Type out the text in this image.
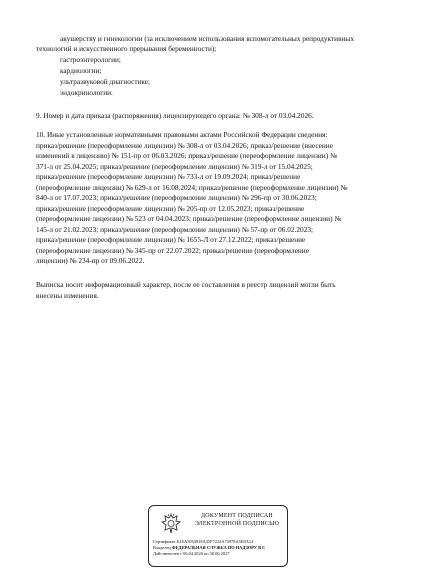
акушерству и гинекологии (за исключением использования вспомогательных репродуктивных
технологий и искусственного прерывания беременности);
гастроэнтерологии;
кардиологии;
ультразвуковой диагностике;
эндокринологии.
9. Номер и дата приказа (распоряжения) лицензирующего органа: № 308-л от 03.04.2026.
10. Иные установленные нормативными правовыми актами Российской Федерации сведения:
приказ/решение (переоформление лицензии) № 308-л от 03.04.2026; приказ/решение (внесение
изменений в лицензию) № 151-пр от 06.03.2026; приказ/решение (переоформление лицензии) №
371-л от 25.04.2025; приказ/решение (переоформление лицензии) № 319-л от 15.04.2025;
приказ/решение (переоформление лицензии) № 733-л от 19.09.2024; приказ/решение
(переоформление лицензии) № 629-л от 16.08.2024; приказ/решение (переоформление лицензии) №
840-л от 17.07.2023; приказ/решение (переоформление лицензии) № 296-пр от 30.06.2023;
приказ/решение (переоформление лицензии) № 205-пр от 12.05.2023; приказ/решение
(переоформление лицензии) № 523 от 04.04.2023; приказ/решение (переоформление лицензии) №
145-л от 21.02.2023; приказ/решение (переоформление лицензии) № 57-пр от 06.02.2023;
приказ/решение (переоформление лицензии) № 1655-Л от 27.12.2022; приказ/решение
(переоформление лицензии) № 345-пр от 22.07.2022; приказ/решение (переоформление
лицензии) № 234-пр от 09.06.2022.
Выписка носит информационный характер, после ее составления в реестр лицензий могли быть
внесены изменения.
ДОКУМЕНТ ПОДПИСАН
ЭЛЕКТРОННОЙ ПОДПИСЬЮ
Сертификат E2EA5954818A35F7222A72978A5E0A12
Владелец ФЕДЕРАЛЬНАЯ СЛУЖБА ПО НАДЗОРУ В С
Действителен с 06.04.2026 по 30.06.2027
